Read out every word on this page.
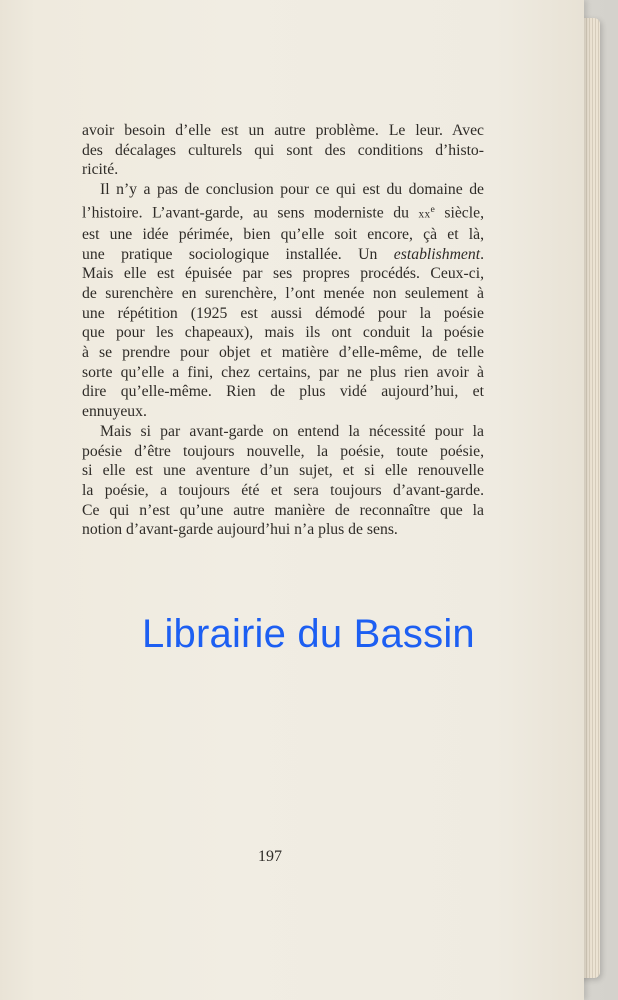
avoir besoin d’elle est un autre problème. Le leur. Avec

des décalages culturels qui sont des conditions d’histo-

ricité.

Il n’y a pas de conclusion pour ce qui est du domaine de

l’histoire. L’avant-garde, au sens moderniste du $xx^e$ siècle,

est une idée périmée, bien qu’elle soit encore, çà et là,

une pratique sociologique installée. Un establishment.

Mais elle est épuisée par ses propres procédés. Ceux-ci,

de surenchère en surenchère, l’ont menée non seulement à

une répétition (1925 est aussi démodé pour la poésie

que pour les chapeaux), mais ils ont conduit la poésie

à se prendre pour objet et matière d’elle-même, de telle

sorte qu’elle a fini, chez certains, par ne plus rien avoir à

dire qu’elle-même. Rien de plus vidé aujourd’hui, et

ennuyeux.

Mais si par avant-garde on entend la nécessité pour la

poésie d’être toujours nouvelle, la poésie, toute poésie,

si elle est une aventure d’un sujet, et si elle renouvelle

la poésie, a toujours été et sera toujours d’avant-garde.

Ce qui n’est qu’une autre manière de reconnaître que la

notion d’avant-garde aujourd’hui n’a plus de sens.

197
Librairie du Bassin
